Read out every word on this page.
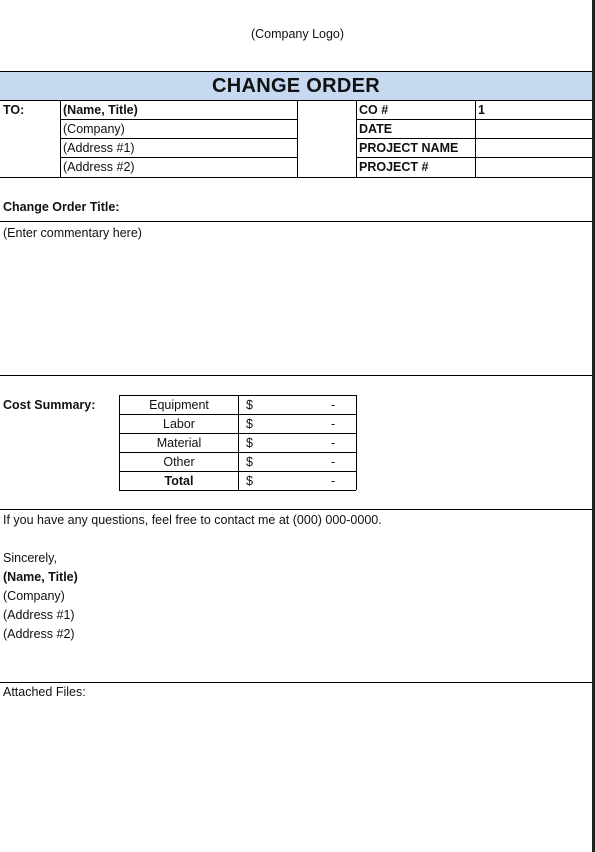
(Company Logo)
CHANGE ORDER
TO:	(Name, Title)
(Company)
(Address #1)
(Address #2)
CO #	1
DATE
PROJECT NAME
PROJECT #
Change Order Title:
(Enter commentary here)
Cost Summary:	Equipment	$	-
Labor	$	-
Material	$	-
Other	$	-
Total	$	-
If you have any questions, feel free to contact me at (000) 000-0000.
Sincerely,
(Name, Title)
(Company)
(Address #1)
(Address #2)
Attached Files:
